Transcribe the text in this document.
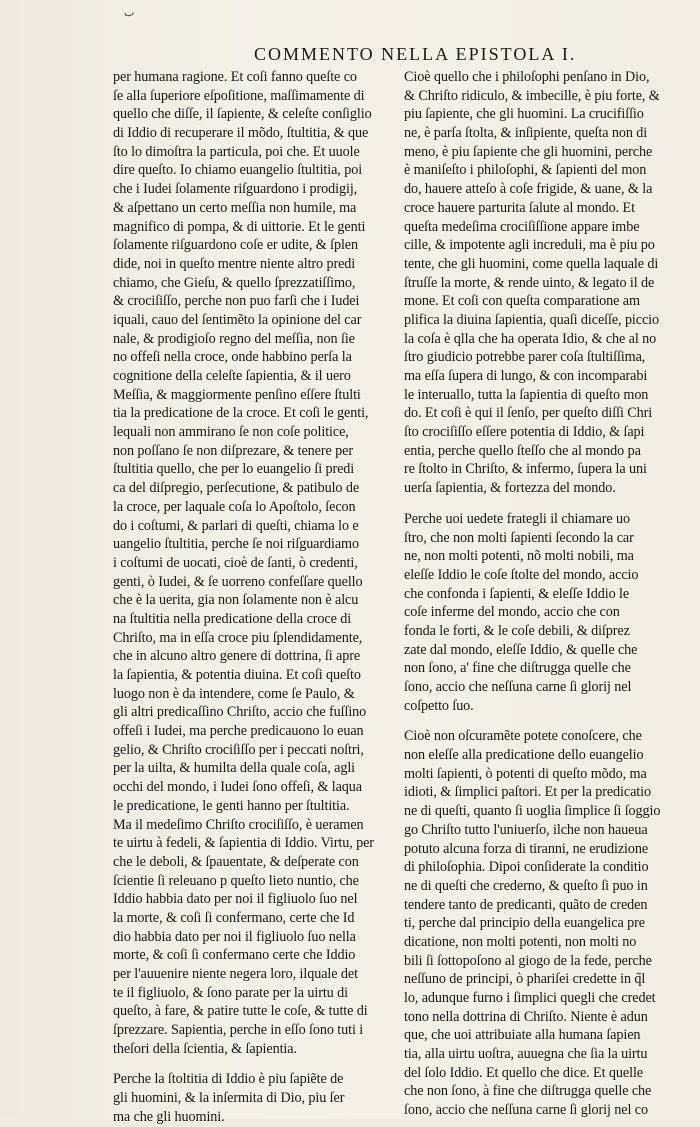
ٮ
COMMENTO NELLA EPISTOLA I.
per humana ragione. Et coſi fanno queſte co
ſe alla ſuperiore eſpoſitione, maſſimamente di
quello che diſſe, il ſapiente, & celeſte conſiglio
di Iddio di recuperare il mõdo, ſtultitia, & que
ſto lo dimoſtra la particula, poi che. Et uuole
dire queſto. Io chiamo euangelio ſtultitia, poi
che i Iudei ſolamente riſguardono i prodigij,
& aſpettano un certo meſſia non humile, ma
magnifico di pompa, & di uittorie. Et le genti
ſolamente riſguardono coſe er udite, & ſplen
dide, noi in queſto mentre niente altro predi
chiamo, che Gieſu, & quello ſprezzatiſſimo,
& crociſiſſo, perche non puo farſi che i Iudei
iquali, cauo del ſentimẽto la opinione del car
nale, & prodigioſo regno del meſſia, non ſie
no offeſi nella croce, onde habbino perſa la
cognitione della celeſte ſapientia, & il uero
Meſſia, & maggiormente penſino eſſere ſtulti
tia la predicatione de la croce. Et coſi le genti,
lequali non ammirano ſe non coſe politice,
non poſſano ſe non diſprezare, & tenere per
ſtultitia quello, che per lo euangelio ſi predi
ca del diſpregio, perſecutione, & patibulo de
la croce, per laquale coſa lo Apoſtolo, ſecon
do i coſtumi, & parlari di queſti, chiama lo e
uangelio ſtultitia, perche ſe noi riſguardiamo
i coſtumi de uocati, cioè de ſanti, ò credenti,
genti, ò Iudei, & ſe uorreno confeſſare quello
che è la uerita, gia non ſolamente non è alcu
na ſtultitia nella predicatione della croce di
Chriſto, ma in eſſa croce piu ſplendidamente,
che in alcuno altro genere di dottrina, ſi apre
la ſapientia, & potentia diuina. Et coſi queſto
luogo non è da intendere, come ſe Paulo, &
gli altri predicaſſino Chriſto, accio che fuſſino
offeſi i Iudei, ma perche predicauono lo euan
gelio, & Chriſto crociſiſſo per i peccati noſtri,
per la uilta, & humilta della quale coſa, agli
occhi del mondo, i Iudei ſono offeſi, & laqua
le predicatione, le genti hanno per ſtultitia.
Ma il medeſimo Chriſto crociſiſſo, è ueramen
te uirtu à fedeli, & ſapientia di Iddio. Virtu, per
che le deboli, & ſpauentate, & deſperate con
ſcientie ſi releuano p queſto lieto nuntio, che
Iddio habbia dato per noi il figliuolo ſuo nel
la morte, & coſi ſi confermano, certe che Id
dio habbia dato per noi il figliuolo ſuo nella
morte, & coſi ſi confermano certe che Iddio
per l'auuenire niente negera loro, ilquale det
te il figliuolo, & ſono parate per la uirtu di
queſto, à fare, & patire tutte le coſe, & tutte di
ſprezzare. Sapientia, perche in eſſo ſono tuti i
theſori della ſcientia, & ſapientia.
Perche la ſtoltitia di Iddio è piu ſapiẽte de
gli huomini, & la inſermita di Dio, piu ſer
ma che gli huomini.
Cioè quello che i philoſophi penſano in Dio,
& Chriſto ridiculo, & imbecille, è piu forte, &
piu ſapiente, che gli huomini. La crucifiſſio
ne, è parſa ſtolta, & inſipiente, queſta non di
meno, è piu ſapiente che gli huomini, perche
è maniſeſto i philoſophi, & ſapienti del mon
do, hauere atteſo à coſe frigide, & uane, & la
croce hauere parturita ſalute al mondo. Et
queſta medeſima crociſiſſione appare imbe
cille, & impotente agli increduli, ma è piu po
tente, che gli huomini, come quella laquale di
ſtruſſe la morte, & rende uinto, & legato il de
mone. Et coſi con queſta comparatione am
plifica la diuina ſapientia, quaſi diceſſe, piccio
la coſa è qlla che ha operata Idio, & che al no
ſtro giudicio potrebbe parer coſa ſtultiſſima,
ma eſſa ſupera di lungo, & con incomparabi
le interuallo, tutta la ſapientia di queſto mon
do. Et coſi è qui il ſenſo, per queſto diſſi Chri
ſto crociſiſſo eſſere potentia di Iddio, & ſapi
entia, perche quello ſteſſo che al mondo pa
re ſtolto in Chriſto, & infermo, ſupera la uni
uerſa ſapientia, & fortezza del mondo.
Perche uoi uedete frategli il chiamare uo
ſtro, che non molti ſapienti ſecondo la car
ne, non molti potenti, nõ molti nobili, ma
eleſſe Iddio le coſe ſtolte del mondo, accio
che confonda i ſapienti, & eleſſe Iddio le
coſe inferme del mondo, accio che con
fonda le forti, & le coſe debili, & diſprez
zate dal mondo, eleſſe Iddio, & quelle che
non ſono, a' fine che diſtrugga quelle che
ſono, accio che neſſuna carne ſi glorij nel
coſpetto ſuo.
Cioè non oſcuramẽte potete conoſcere, che
non eleſſe alla predicatione dello euangelio
molti ſapienti, ò potenti di queſto mõdo, ma
idioti, & ſimplici paſtori. Et per la predicatio
ne di queſti, quanto ſi uoglia ſimplice ſi ſoggio
go Chriſto tutto l'uniuerſo, ilche non haueua
potuto alcuna forza di tiranni, ne erudizione
di philoſophia. Dipoi conſiderate la conditio
ne di queſti che crederno, & queſto ſi puo in
tendere tanto de predicanti, quãto de creden
ti, perche dal principio della euangelica pre
dicatione, non molti potenti, non molti no
bili ſi ſottopoſono al giogo de la fede, perche
neſſuno de principi, ò phariſei credette in q̃l
lo, adunque furno i ſimplici quegli che credet
tono nella dottrina di Chriſto. Niente è adun
que, che uoi attribuiate alla humana ſapien
tia, alla uirtu uoſtra, auuegna che ſia la uirtu
del ſolo Iddio. Et quello che dice. Et quelle
che non ſono, à fine che diſtrugga quelle che
ſono, accio che neſſuna carne ſi glorij nel co
